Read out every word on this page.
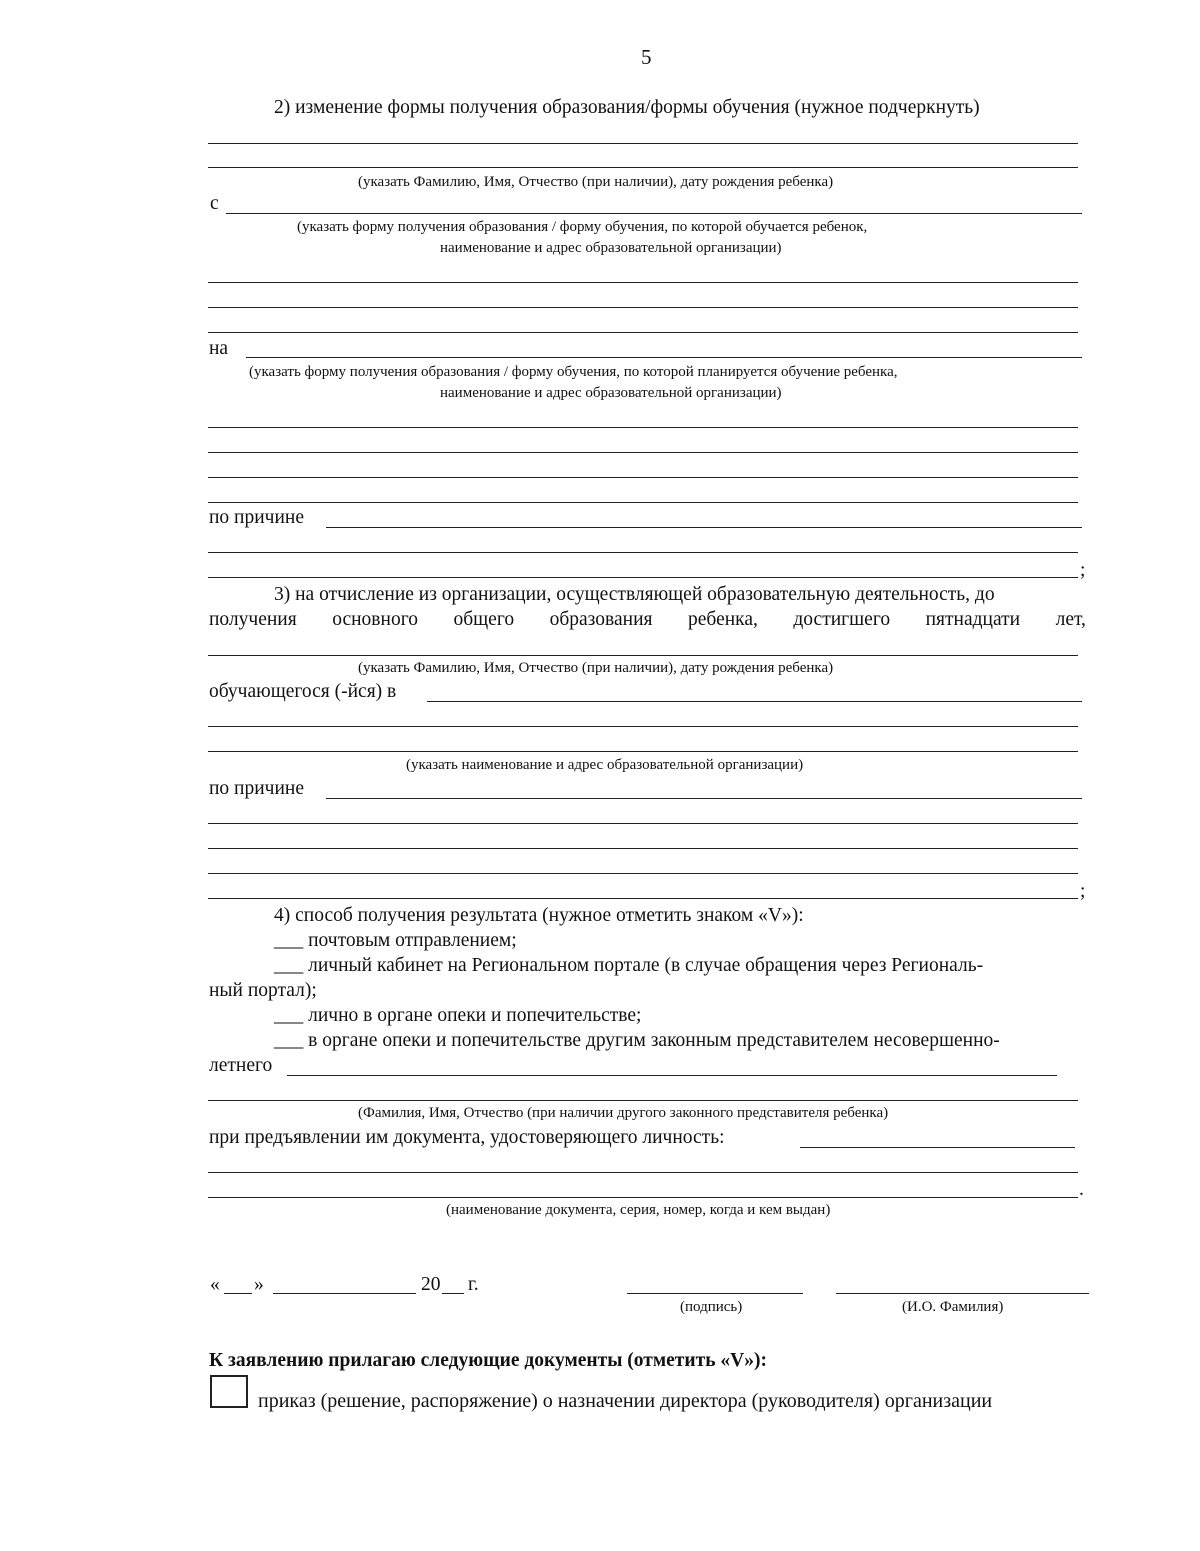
5
2) изменение формы получения образования/формы обучения (нужное подчеркнуть)
(указать Фамилию, Имя, Отчество (при наличии), дату рождения ребенка)
с
(указать форму получения образования / форму обучения, по которой обучается ребенок,
наименование и адрес образовательной организации)
на
(указать форму получения образования / форму обучения, по которой планируется обучение ребенка,
наименование и адрес образовательной организации)
по причине
;
3) на отчисление из организации, осуществляющей образовательную деятельность, до
получения основного общего образования ребенка, достигшего пятнадцати лет,
(указать Фамилию, Имя, Отчество (при наличии), дату рождения ребенка)
обучающегося (-йся) в
(указать наименование и адрес образовательной организации)
по причине
;
4) способ получения результата (нужное отметить знаком «V»):
___ почтовым отправлением;
___ личный кабинет на Региональном портале (в случае обращения через Региональ-
ный портал);
___ лично в органе опеки и попечительстве;
___ в органе опеки и попечительстве другим законным представителем несовершенно-
летнего
(Фамилия, Имя, Отчество (при наличии другого законного представителя ребенка)
при предъявлении им документа, удостоверяющего личность:
.
(наименование документа, серия, номер, когда и кем выдан)
« »	20 г.
(подпись)	(И.О. Фамилия)
К заявлению прилагаю следующие документы (отметить «V»):
приказ (решение, распоряжение) о назначении директора (руководителя) организации
